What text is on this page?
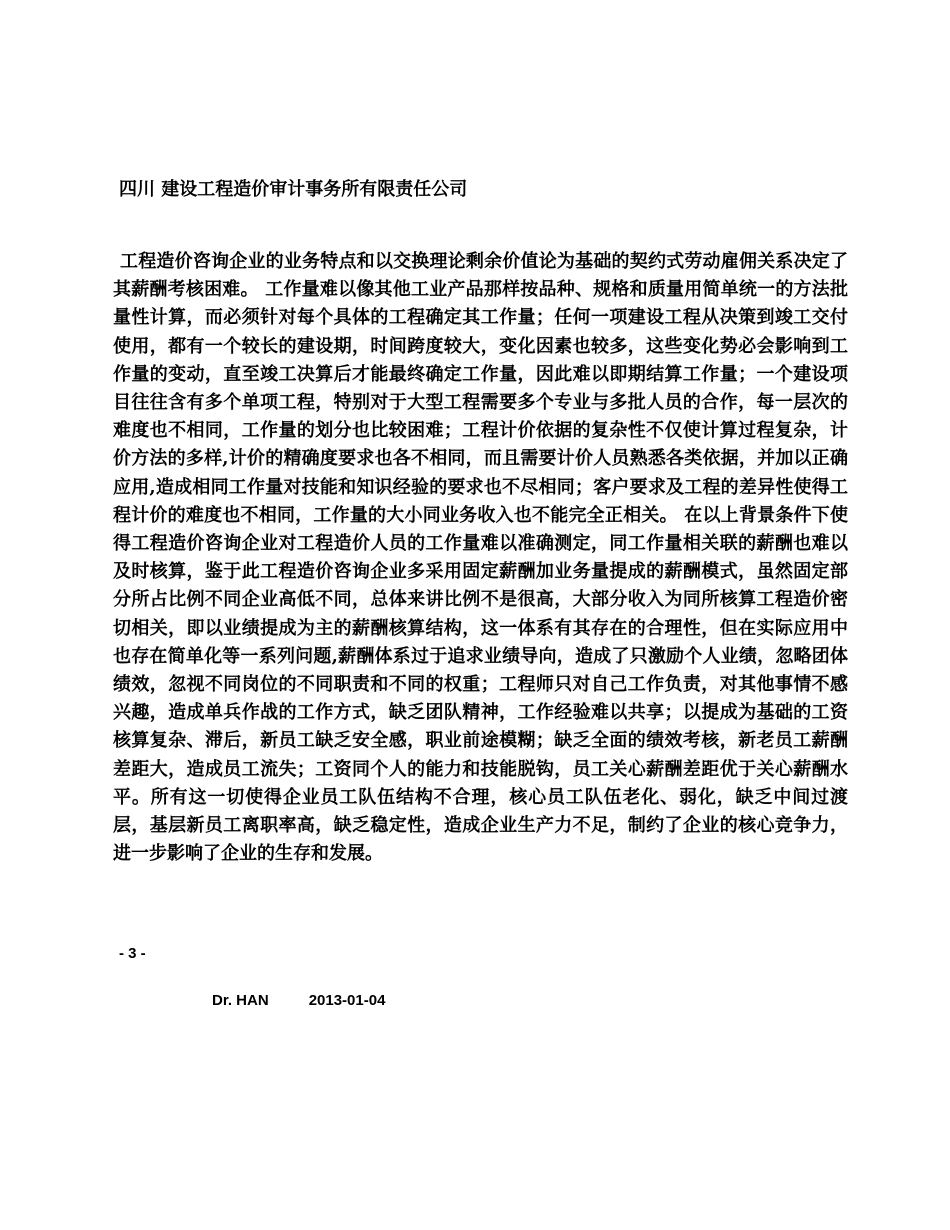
四川 建设工程造价审计事务所有限责任公司
工程造价咨询企业的业务特点和以交换理论剩余价值论为基础的契约式劳动雇佣关系决定了其薪酬考核困难。 工作量难以像其他工业产品那样按品种、规格和质量用简单统一的方法批量性计算，而必须针对每个具体的工程确定其工作量；任何一项建设工程从决策到竣工交付使用，都有一个较长的建设期，时间跨度较大，变化因素也较多，这些变化势必会影响到工作量的变动，直至竣工决算后才能最终确定工作量，因此难以即期结算工作量；一个建设项目往往含有多个单项工程，特别对于大型工程需要多个专业与多批人员的合作，每一层次的难度也不相同，工作量的划分也比较困难；工程计价依据的复杂性不仅使计算过程复杂，计价方法的多样,计价的精确度要求也各不相同，而且需要计价人员熟悉各类依据，并加以正确应用,造成相同工作量对技能和知识经验的要求也不尽相同；客户要求及工程的差异性使得工程计价的难度也不相同，工作量的大小同业务收入也不能完全正相关。 在以上背景条件下使得工程造价咨询企业对工程造价人员的工作量难以准确测定，同工作量相关联的薪酬也难以及时核算，鉴于此工程造价咨询企业多采用固定薪酬加业务量提成的薪酬模式，虽然固定部分所占比例不同企业高低不同，总体来讲比例不是很高，大部分收入为同所核算工程造价密切相关，即以业绩提成为主的薪酬核算结构，这一体系有其存在的合理性，但在实际应用中也存在简单化等一系列问题,薪酬体系过于追求业绩导向，造成了只激励个人业绩，忽略团体绩效，忽视不同岗位的不同职责和不同的权重；工程师只对自己工作负责，对其他事情不感兴趣，造成单兵作战的工作方式，缺乏团队精神，工作经验难以共享；以提成为基础的工资核算复杂、滞后，新员工缺乏安全感，职业前途模糊；缺乏全面的绩效考核，新老员工薪酬差距大，造成员工流失；工资同个人的能力和技能脱钩，员工关心薪酬差距优于关心薪酬水平。所有这一切使得企业员工队伍结构不合理，核心员工队伍老化、弱化，缺乏中间过渡层，基层新员工离职率高，缺乏稳定性，造成企业生产力不足，制约了企业的核心竞争力，进一步影响了企业的生存和发展。
- 3 -
Dr. HAN	2013-01-04
